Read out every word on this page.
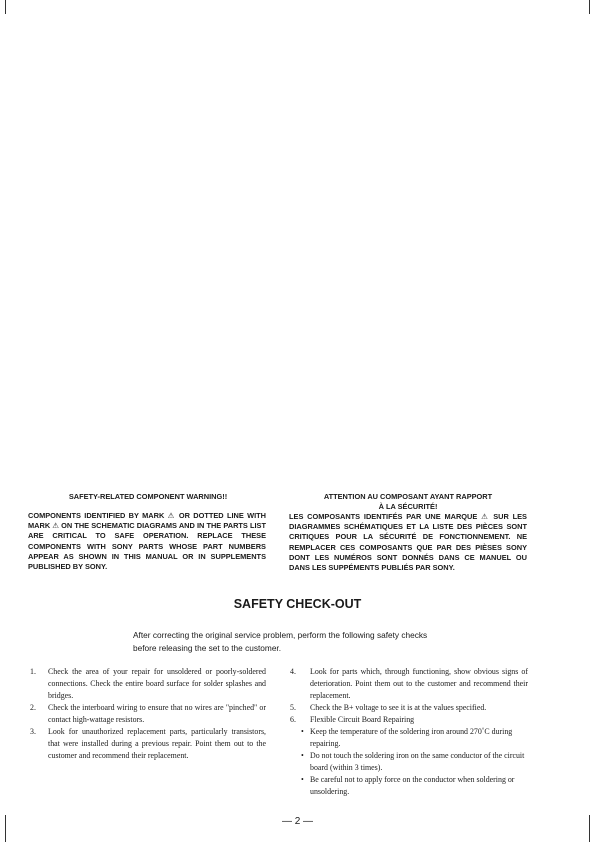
SAFETY-RELATED COMPONENT WARNING!!

COMPONENTS IDENTIFIED BY MARK ⚠ OR DOTTED LINE WITH MARK ⚠ ON THE SCHEMATIC DIAGRAMS AND IN THE PARTS LIST ARE CRITICAL TO SAFE OPERATION. REPLACE THESE COMPONENTS WITH SONY PARTS WHOSE PART NUMBERS APPEAR AS SHOWN IN THIS MANUAL OR IN SUPPLEMENTS PUBLISHED BY SONY.

ATTENTION AU COMPOSANT AYANT RAPPORT
À LA SÉCURITÉ!

LES COMPOSANTS IDENTIFÉS PAR UNE MARQUE ⚠ SUR LES DIAGRAMMES SCHÉMATIQUES ET LA LISTE DES PIÈCES SONT CRITIQUES POUR LA SÉCURITÉ DE FONCTIONNEMENT. NE REMPLACER CES COMPOSANTS QUE PAR DES PIÈSES SONY DONT LES NUMÉROS SONT DONNÉS DANS CE MANUEL OU DANS LES SUPPÉMENTS PUBLIÉS PAR SONY.

SAFETY CHECK-OUT

After correcting the original service problem, perform the following safety checks before releasing the set to the customer.

1. Check the area of your repair for unsoldered or poorly-soldered connections. Check the entire board surface for solder splashes and bridges.
2. Check the interboard wiring to ensure that no wires are "pinched" or contact high-wattage resistors.
3. Look for unauthorized replacement parts, particularly transistors, that were installed during a previous repair. Point them out to the customer and recommend their replacement.
4. Look for parts which, through functioning, show obvious signs of deterioration. Point them out to the customer and recommend their replacement.
5. Check the B+ voltage to see it is at the values specified.
6. Flexible Circuit Board Repairing
• Keep the temperature of the soldering iron around 270˚C during repairing.
• Do not touch the soldering iron on the same conductor of the circuit board (within 3 times).
• Be careful not to apply force on the conductor when soldering or unsoldering.
— 2 —
